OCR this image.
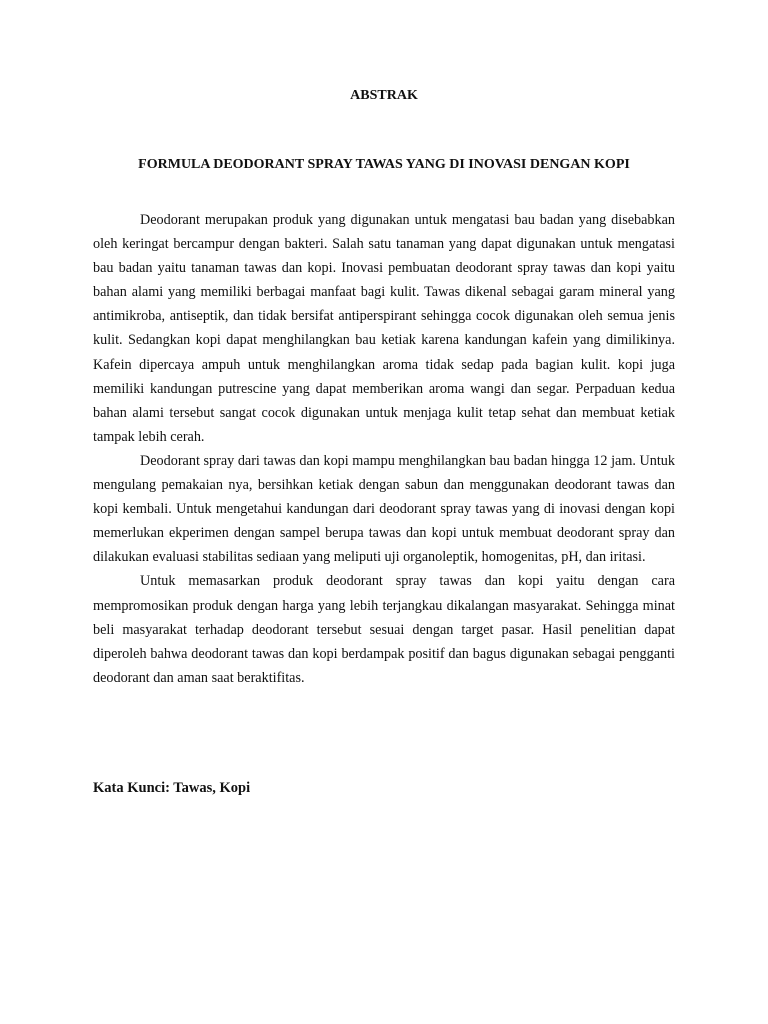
ABSTRAK
FORMULA DEODORANT SPRAY TAWAS YANG DI INOVASI DENGAN KOPI

Deodorant merupakan produk yang digunakan untuk mengatasi bau badan yang disebabkan oleh keringat bercampur dengan bakteri. Salah satu tanaman yang dapat digunakan untuk mengatasi bau badan yaitu tanaman tawas dan kopi. Inovasi pembuatan deodorant spray tawas dan kopi yaitu bahan alami yang memiliki berbagai manfaat bagi kulit. Tawas dikenal sebagai garam mineral yang antimikroba, antiseptik, dan tidak bersifat antiperspirant sehingga cocok digunakan oleh semua jenis kulit. Sedangkan kopi dapat menghilangkan bau ketiak karena kandungan kafein yang dimilikinya. Kafein dipercaya ampuh untuk menghilangkan aroma tidak sedap pada bagian kulit. kopi juga memiliki kandungan putrescine yang dapat memberikan aroma wangi dan segar. Perpaduan kedua bahan alami tersebut sangat cocok digunakan untuk menjaga kulit tetap sehat dan membuat ketiak tampak lebih cerah.

Deodorant spray dari tawas dan kopi mampu menghilangkan bau badan hingga 12 jam. Untuk mengulang pemakaian nya, bersihkan ketiak dengan sabun dan menggunakan deodorant tawas dan kopi kembali. Untuk mengetahui kandungan dari deodorant spray tawas yang di inovasi dengan kopi memerlukan ekperimen dengan sampel berupa tawas dan kopi untuk membuat deodorant spray dan dilakukan evaluasi stabilitas sediaan yang meliputi uji organoleptik, homogenitas, pH, dan iritasi.

Untuk memasarkan produk deodorant spray tawas dan kopi yaitu dengan cara mempromosikan produk dengan harga yang lebih terjangkau dikalangan masyarakat. Sehingga minat beli masyarakat terhadap deodorant tersebut sesuai dengan target pasar. Hasil penelitian dapat diperoleh bahwa deodorant tawas dan kopi berdampak positif dan bagus digunakan sebagai pengganti deodorant dan aman saat beraktifitas.

Kata Kunci: Tawas, Kopi
